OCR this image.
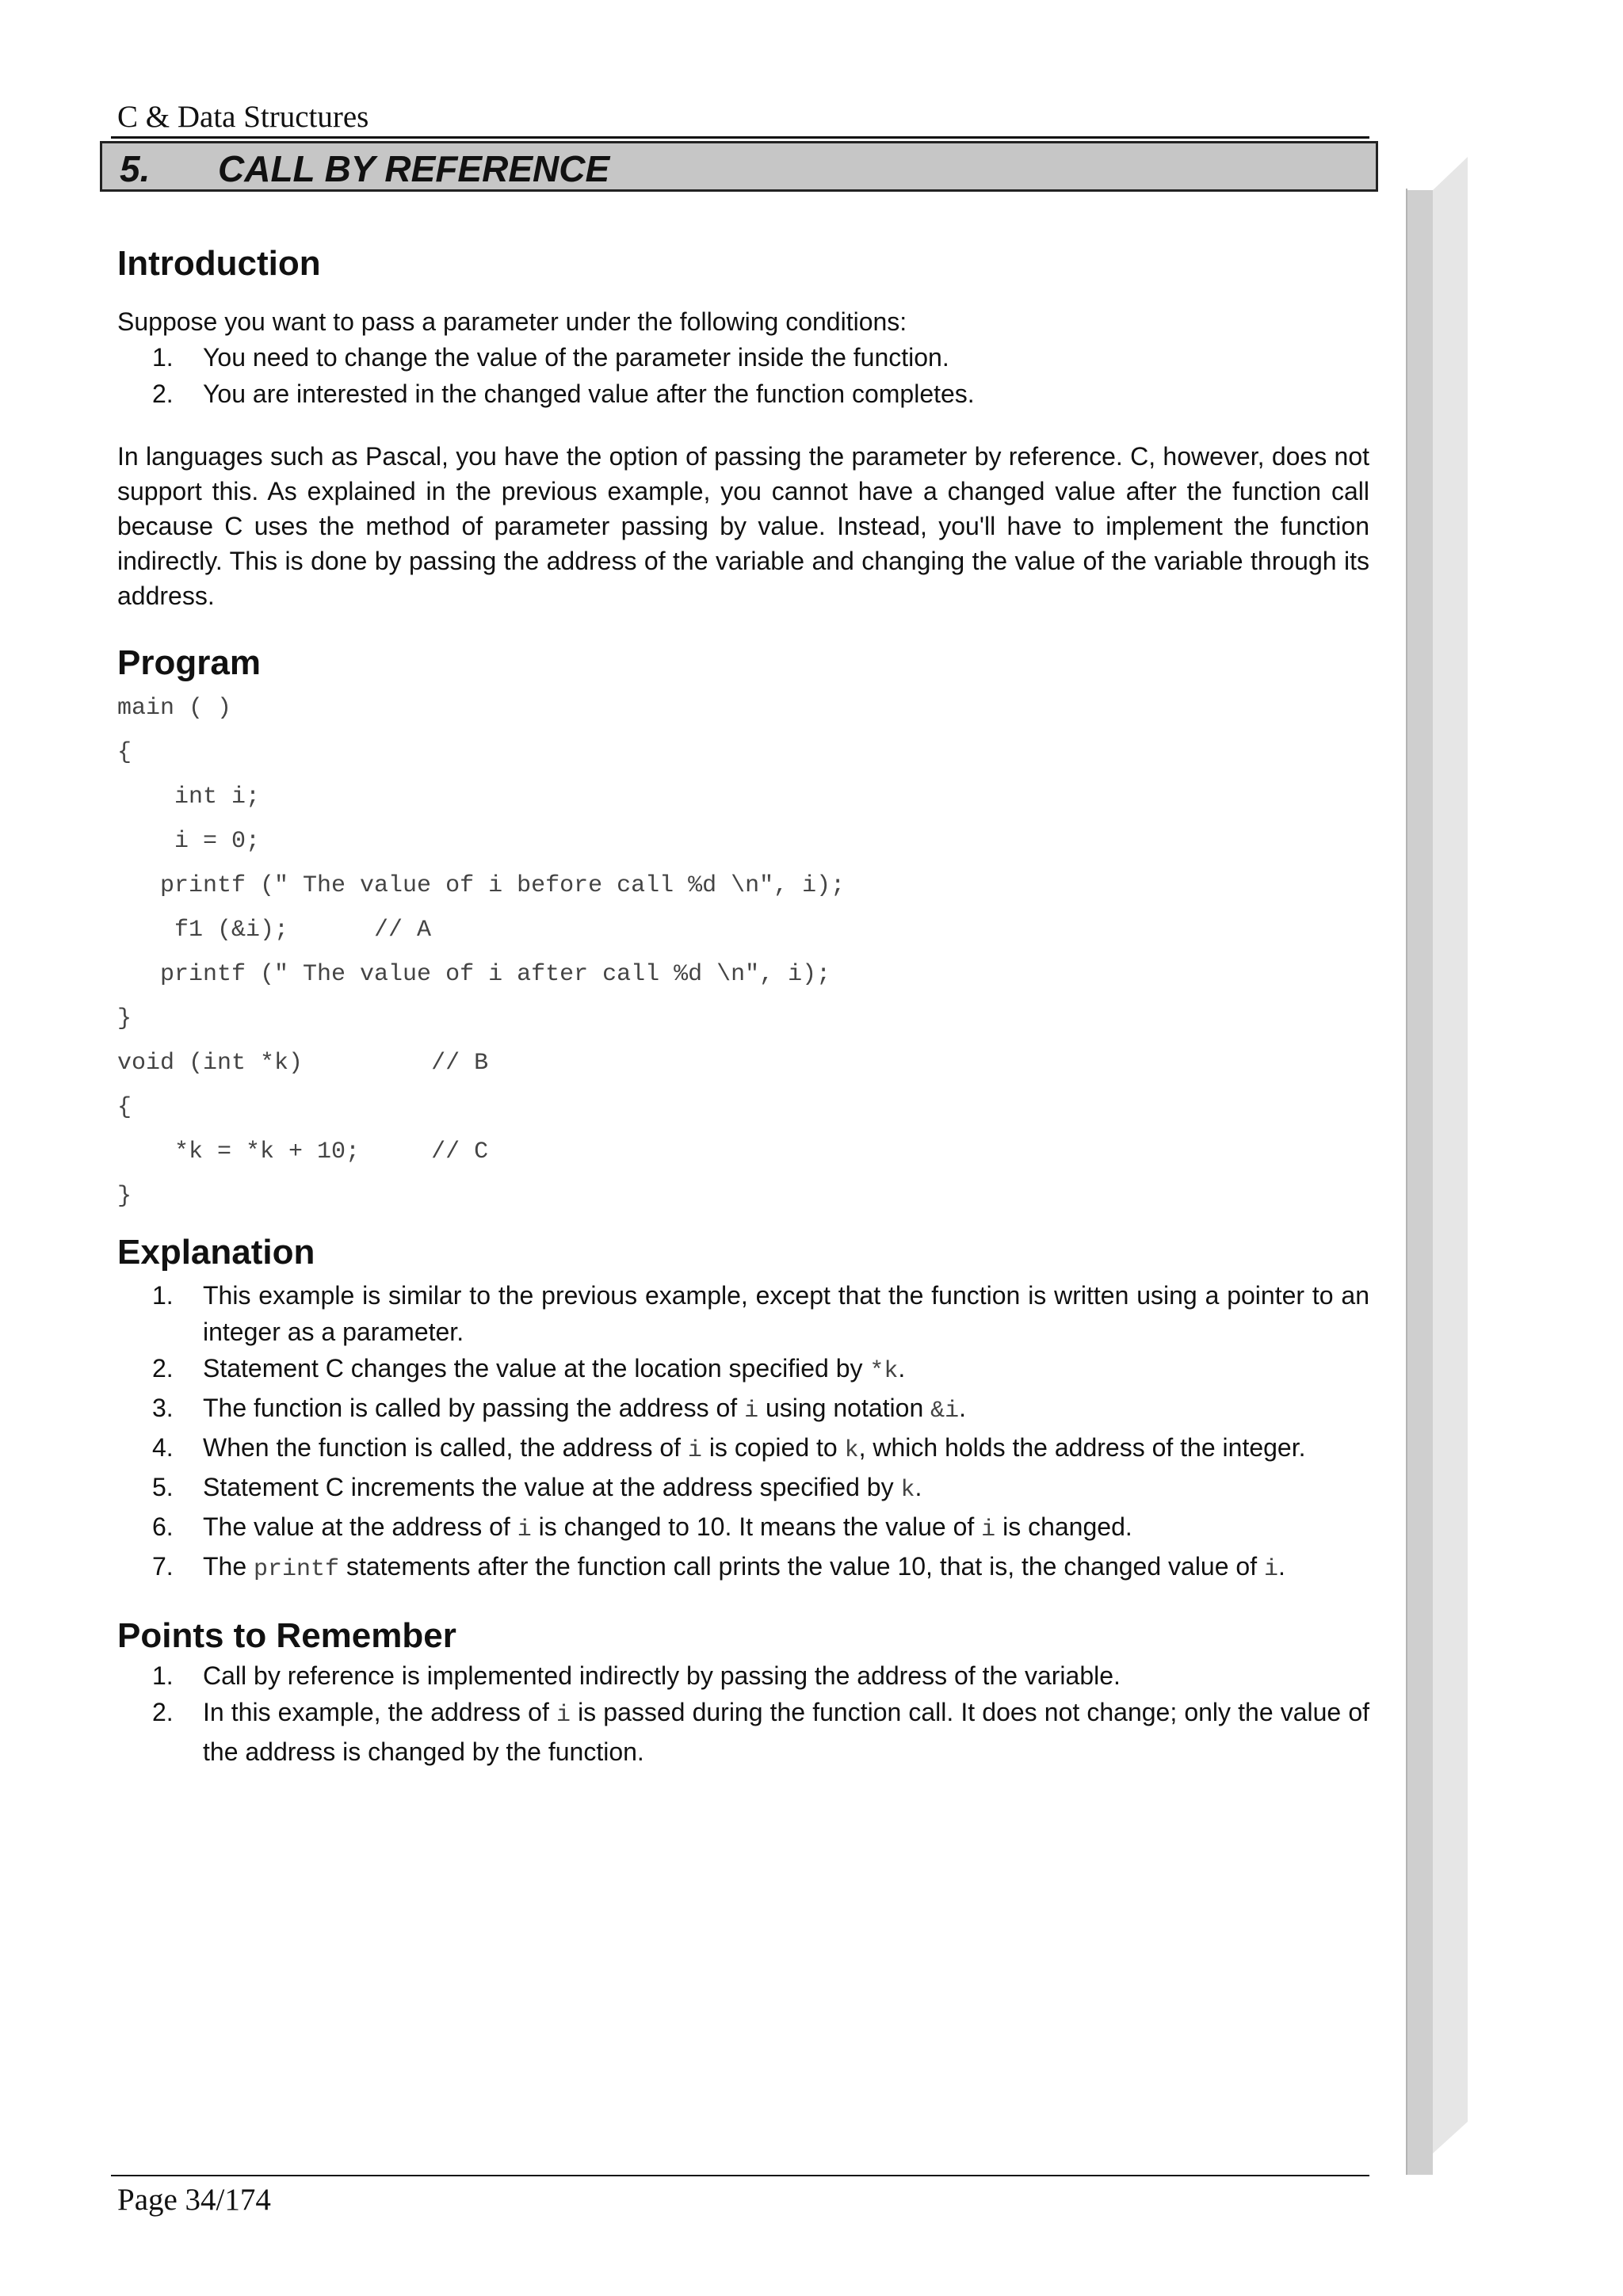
C & Data Structures
5. CALL BY REFERENCE
Introduction

Suppose you want to pass a parameter under the following conditions:

1. You need to change the value of the parameter inside the function.
2. You are interested in the changed value after the function completes.

In languages such as Pascal, you have the option of passing the parameter by reference. C, however, does not support this. As explained in the previous example, you cannot have a changed value after the function call because C uses the method of parameter passing by value. Instead, you'll have to implement the function indirectly. This is done by passing the address of the variable and changing the value of the variable through its address.

Program
main ( )
{
int i;
i = 0;
printf (" The value of i before call %d \n", i);
f1 (&i);      // A
printf (" The value of i after call %d \n", i);
}
void (int *k)         // B
{
*k = *k + 10;     // C
}
Explanation
1. This example is similar to the previous example, except that the function is written using a pointer to an integer as a parameter.
2. Statement C changes the value at the location specified by *k.
3. The function is called by passing the address of i using notation &i.
4. When the function is called, the address of i is copied to k, which holds the address of the integer.
5. Statement C increments the value at the address specified by k.
6. The value at the address of i is changed to 10. It means the value of i is changed.
7. The printf statements after the function call prints the value 10, that is, the changed value of i.
Points to Remember
1. Call by reference is implemented indirectly by passing the address of the variable.
2. In this example, the address of i is passed during the function call. It does not change; only the value of the address is changed by the function.
Page 34/174
